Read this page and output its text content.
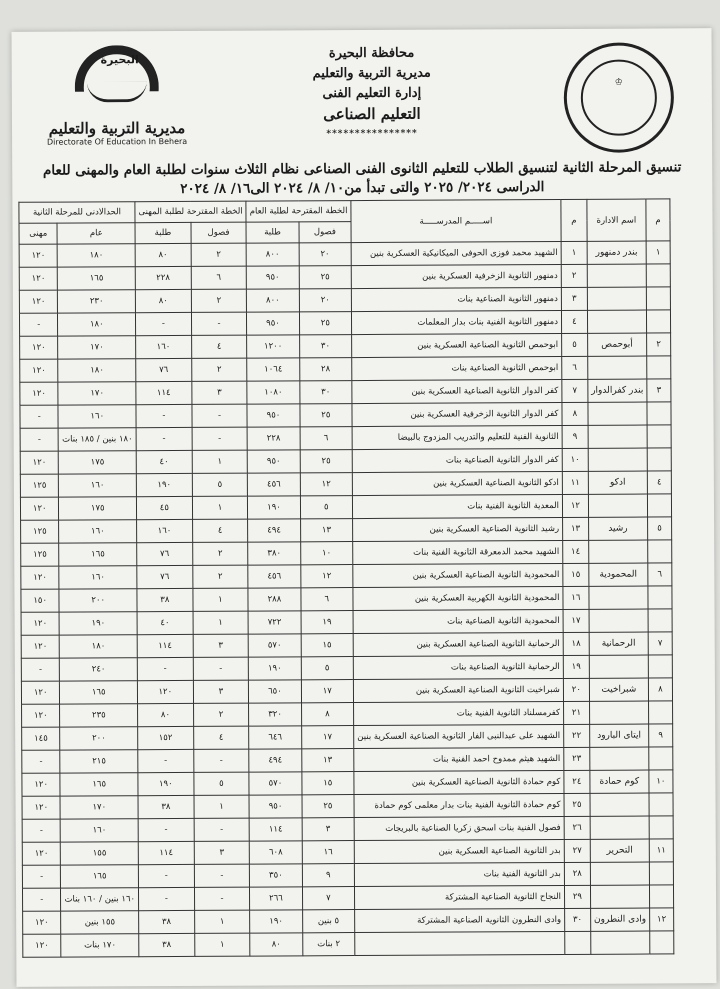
البحيرة
مديرية التربية والتعليم
Directorate Of Education In Behera
محافظة البحيرة
مديرية التربية والتعليم
إدارة التعليم الفنى
التعليم الصناعى
****************
♔
تنسيق المرحلة الثانية لتنسيق الطلاب للتعليم الثانوى الفنى الصناعى نظام الثلاث سنوات لطلبة العام والمهنى للعام
الدراسى ٢٠٢٤/ ٢٠٢٥ والتى تبدأ من١٠/ ٨/ ٢٠٢٤ الى١٦/ ٨/ ٢٠٢٤
م	اسم الادارة	م	اســـــم المدرســـــة	الخطة المقترحة لطلبة العام		الخطة المقترحة لطلبة المهنى		الحدالادنى للمرحلة الثانية	
				فصول	طلبة	فصول	طلبة	عام	مهنى
١	بندر دمنهور	١	الشهيد محمد فوزى الحوفى الميكانيكية العسكرية بنين	٢٠	٨٠٠	٢	٨٠	١٨٠	١٢٠
		٢	دمنهور الثانوية الزخرفية العسكرية بنين	٢٥	٩٥٠	٦	٢٢٨	١٦٥	١٢٠
		٣	دمنهور الثانوية الصناعية بنات	٢٠	٨٠٠	٢	٨٠	٢٣٠	١٢٠
		٤	دمنهور الثانوية الفنية بنات بدار المعلمات	٢٥	٩٥٠	-	-	١٨٠	-
٢	أبوحمص	٥	ابوحمص الثانوية الصناعية العسكرية بنين	٣٠	١٢٠٠	٤	١٦٠	١٧٠	١٢٠
		٦	ابوحمص الثانوية الصناعية بنات	٢٨	١٠٦٤	٢	٧٦	١٨٠	١٢٠
٣	بندر كفرالدوار	٧	كفر الدوار الثانوية الصناعية العسكرية بنين	٣٠	١٠٨٠	٣	١١٤	١٧٠	١٢٠
		٨	كفر الدوار الثانوية الزخرفية العسكرية بنين	٢٥	٩٥٠	-	-	١٦٠	-
		٩	الثانوية الفنية للتعليم والتدريب المزدوج بالبيضا	٦	٢٢٨	-	-	١٨٠ بنين / ١٨٥ بنات	-
		١٠	كفر الدوار الثانوية الصناعية بنات	٢٥	٩٥٠	١	٤٠	١٧٥	١٢٠
٤	ادكو	١١	ادكو الثانوية الصناعية العسكرية بنين	١٢	٤٥٦	٥	١٩٠	١٦٠	١٢٥
		١٢	المعدية الثانوية الفنية بنات	٥	١٩٠	١	٤٥	١٧٥	١٢٠
٥	رشيد	١٣	رشيد الثانوية الصناعية العسكرية بنين	١٣	٤٩٤	٤	١٦٠	١٦٠	١٢٥
		١٤	الشهيد محمد الدمعرقة الثانوية الفنية بنات	١٠	٣٨٠	٢	٧٦	١٦٥	١٢٥
٦	المحمودية	١٥	المحمودية الثانوية الصناعية العسكرية بنين	١٢	٤٥٦	٢	٧٦	١٦٠	١٢٠
		١٦	المحمودية الثانوية الكهربية العسكرية بنين	٦	٢٨٨	١	٣٨	٢٠٠	١٥٠
		١٧	المحمودية الثانوية الصناعية بنات	١٩	٧٢٢	١	٤٠	١٩٠	١٢٠
٧	الرحمانية	١٨	الرحمانية الثانوية الصناعية العسكرية بنين	١٥	٥٧٠	٣	١١٤	١٨٠	١٢٠
		١٩	الرحمانية الثانوية الصناعية بنات	٥	١٩٠	-	-	٢٤٠	-
٨	شبراخيت	٢٠	شبراخيت الثانوية الصناعية العسكرية بنين	١٧	٦٥٠	٣	١٢٠	١٦٥	١٢٠
		٢١	كفرمسلناد الثانوية الفنية بنات	٨	٣٢٠	٢	٨٠	٢٣٥	١٢٠
٩	ايتاى البارود	٢٢	الشهيد على عبدالنبى الفار الثانوية الصناعية العسكرية بنين	١٧	٦٤٦	٤	١٥٢	٢٠٠	١٤٥
		٢٣	الشهيد هيثم ممدوح احمد الفنية بنات	١٣	٤٩٤	-	-	٢١٥	-
١٠	كوم حمادة	٢٤	كوم حمادة الثانوية الصناعية العسكرية بنين	١٥	٥٧٠	٥	١٩٠	١٦٥	١٢٠
		٢٥	كوم حمادة الثانوية الفنية بنات بدار معلمى كوم حمادة	٢٥	٩٥٠	١	٣٨	١٧٠	١٢٠
		٢٦	فصول الفنية بنات اسحق زكريا الصناعية بالبريجات	٣	١١٤	-	-	١٦٠	-
١١	التحرير	٢٧	بدر الثانوية الصناعية العسكرية بنين	١٦	٦٠٨	٣	١١٤	١٥٥	١٢٠
		٢٨	بدر الثانوية الفنية بنات	٩	٣٥٠	-	-	١٦٥	-
		٢٩	النجاح الثانوية الصناعية المشتركة	٧	٢٦٦	-	-	١٦٠ بنين / ١٦٠ بنات	-
١٢	وادى النطرون	٣٠	وادى النطرون الثانوية الصناعية المشتركة	٥ بنين	١٩٠	١	٣٨	١٥٥ بنين	١٢٠
				٢ بنات	٨٠	١	٣٨	١٧٠ بنات	١٢٠
